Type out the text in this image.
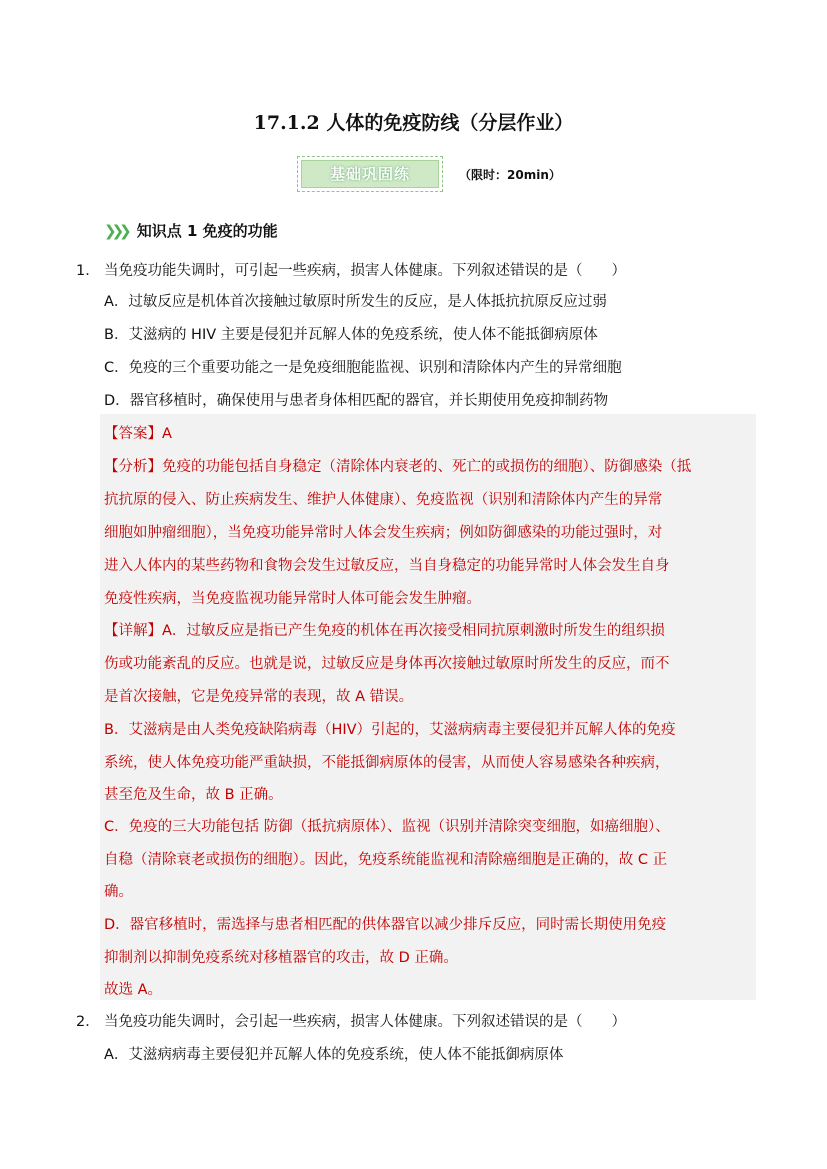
17.1.2 人体的免疫防线（分层作业）
基础巩固练	（限时：20min）
❯❯❯ 知识点 1 免疫的功能
1． 当免疫功能失调时，可引起一些疾病，损害人体健康。下列叙述错误的是（　　）
A．过敏反应是机体首次接触过敏原时所发生的反应，是人体抵抗抗原反应过弱
B．艾滋病的 HIV 主要是侵犯并瓦解人体的免疫系统，使人体不能抵御病原体
C．免疫的三个重要功能之一是免疫细胞能监视、识别和清除体内产生的异常细胞
D．器官移植时，确保使用与患者身体相匹配的器官，并长期使用免疫抑制药物
【答案】A
【分析】免疫的功能包括自身稳定（清除体内衰老的、死亡的或损伤的细胞）、防御感染（抵
抗抗原的侵入、防止疾病发生、维护人体健康）、免疫监视（识别和清除体内产生的异常
细胞如肿瘤细胞），当免疫功能异常时人体会发生疾病；例如防御感染的功能过强时，对
进入人体内的某些药物和食物会发生过敏反应，当自身稳定的功能异常时人体会发生自身
免疫性疾病，当免疫监视功能异常时人体可能会发生肿瘤。
【详解】A．过敏反应是指已产生免疫的机体在再次接受相同抗原刺激时所发生的组织损
伤或功能紊乱的反应。也就是说，过敏反应是身体再次接触过敏原时所发生的反应，而不
是首次接触，它是免疫异常的表现，故 A 错误。
B．艾滋病是由人类免疫缺陷病毒（HIV）引起的，艾滋病病毒主要侵犯并瓦解人体的免疫
系统，使人体免疫功能严重缺损，不能抵御病原体的侵害，从而使人容易感染各种疾病，
甚至危及生命，故 B 正确。
C．免疫的三大功能包括 防御（抵抗病原体）、监视（识别并清除突变细胞，如癌细胞）、
自稳（清除衰老或损伤的细胞）。因此，免疫系统能监视和清除癌细胞是正确的，故 C 正
确。
D．器官移植时，需选择与患者相匹配的供体器官以减少排斥反应，同时需长期使用免疫
抑制剂以抑制免疫系统对移植器官的攻击，故 D 正确。
故选 A。
2． 当免疫功能失调时，会引起一些疾病，损害人体健康。下列叙述错误的是（　　）
A．艾滋病病毒主要侵犯并瓦解人体的免疫系统，使人体不能抵御病原体
